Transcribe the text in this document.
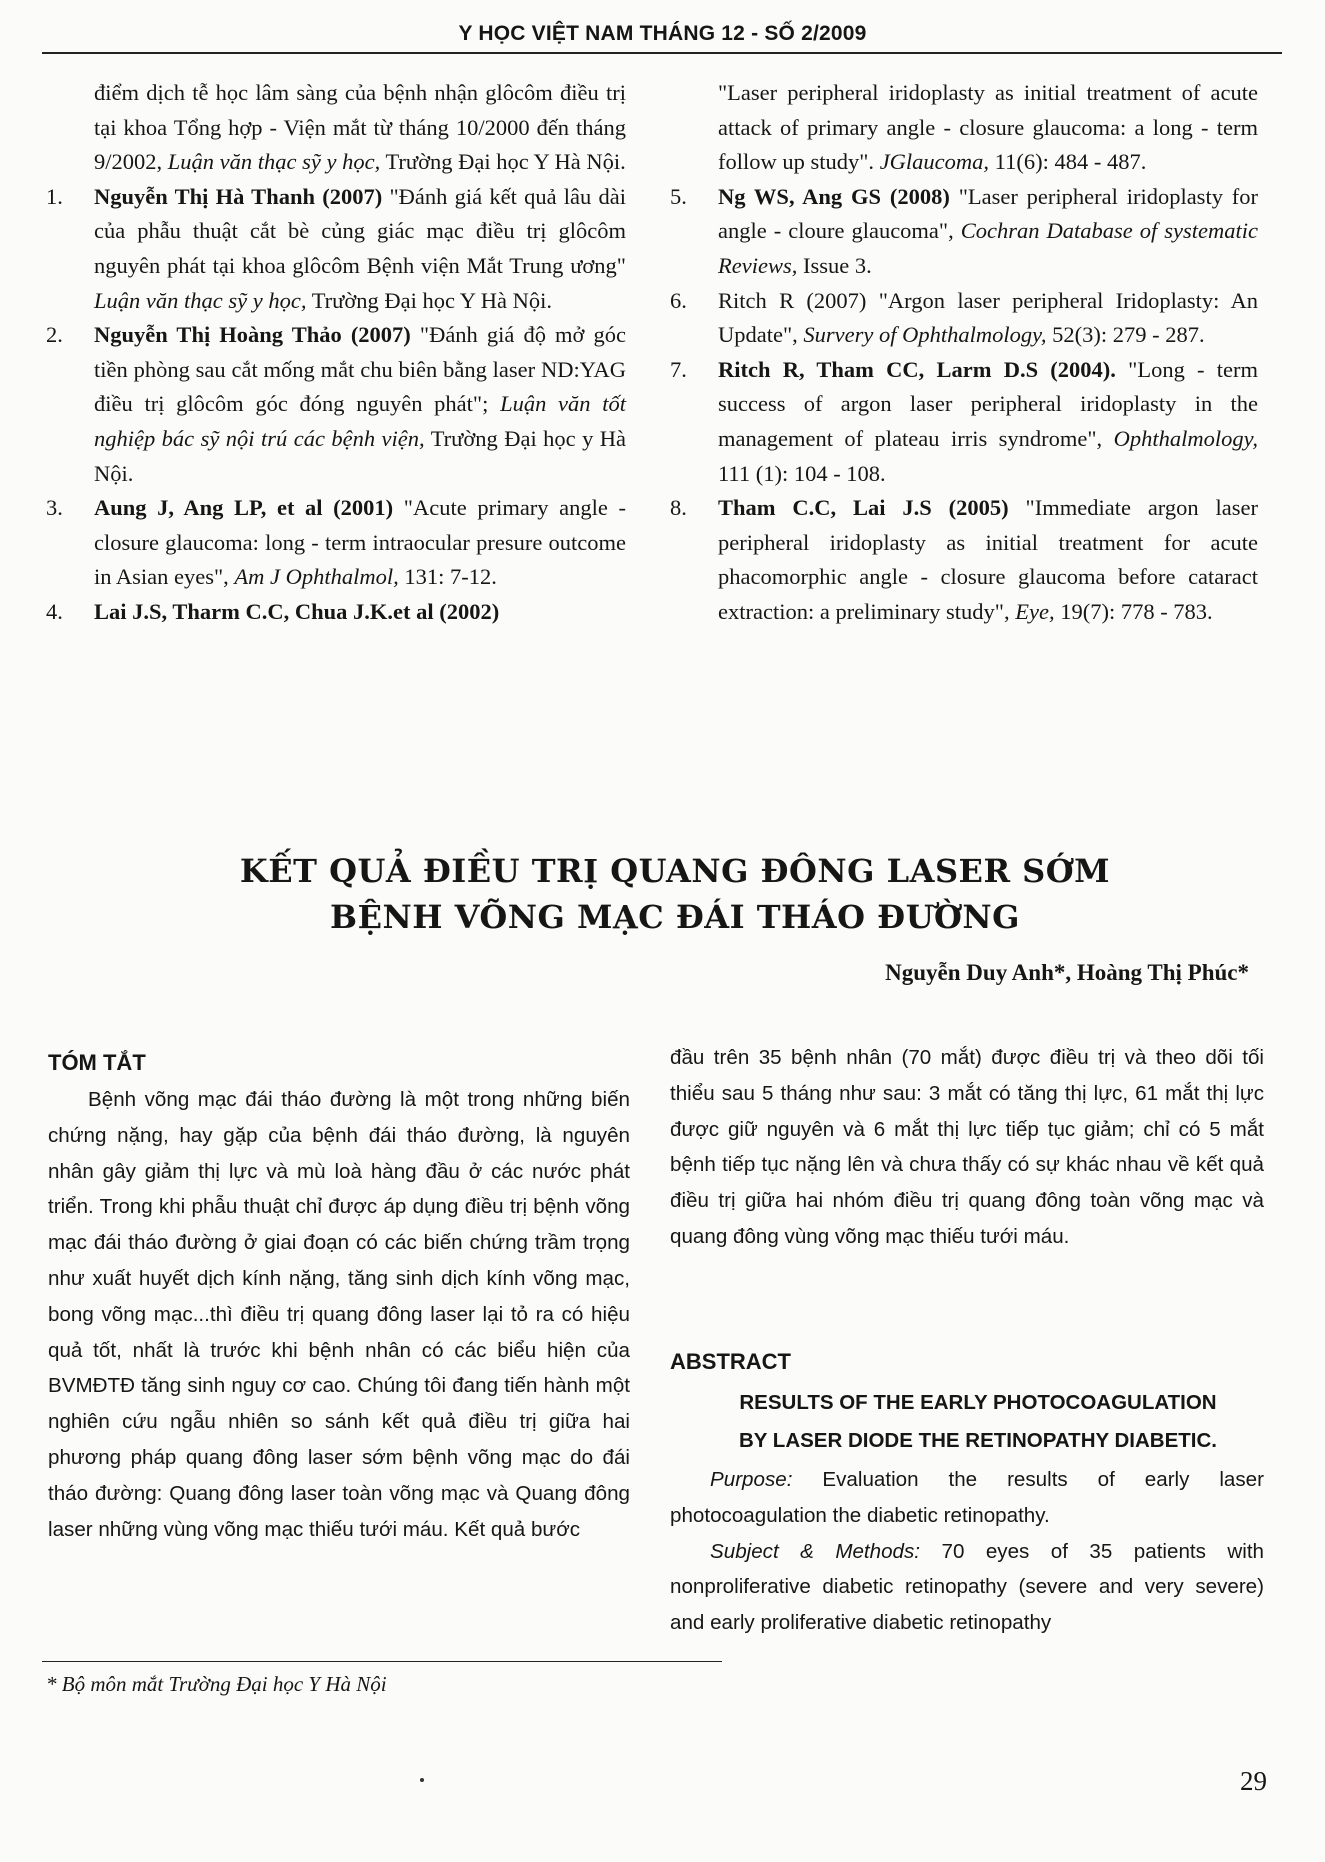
Y HỌC VIỆT NAM THÁNG 12 - SỐ 2/2009
điểm dịch tễ học lâm sàng của bệnh nhận glôcôm điều trị tại khoa Tổng hợp - Viện mắt từ tháng 10/2000 đến tháng 9/2002, Luận văn thạc sỹ y học, Trường Đại học Y Hà Nội.
1. Nguyễn Thị Hà Thanh (2007) "Đánh giá kết quả lâu dài của phẫu thuật cắt bè củng giác mạc điều trị glôcôm nguyên phát tại khoa glôcôm Bệnh viện Mắt Trung ương" Luận văn thạc sỹ y học, Trường Đại học Y Hà Nội.
2. Nguyễn Thị Hoàng Thảo (2007) "Đánh giá độ mở góc tiền phòng sau cắt mống mắt chu biên bằng laser ND:YAG điều trị glôcôm góc đóng nguyên phát"; Luận văn tốt nghiệp bác sỹ nội trú các bệnh viện, Trường Đại học y Hà Nội.
3. Aung J, Ang LP, et al (2001) "Acute primary angle - closure glaucoma: long - term intraocular presure outcome in Asian eyes", Am J Ophthalmol, 131: 7-12.
4. Lai J.S, Tharm C.C, Chua J.K.et al (2002)
"Laser peripheral iridoplasty as initial treatment of acute attack of primary angle - closure glaucoma: a long - term follow up study". JGlaucoma, 11(6): 484 - 487.
5. Ng WS, Ang GS (2008) "Laser peripheral iridoplasty for angle - cloure glaucoma", Cochran Database of systematic Reviews, Issue 3.
6. Ritch R (2007) "Argon laser peripheral Iridoplasty: An Update", Survery of Ophthalmology, 52(3): 279 - 287.
7. Ritch R, Tham CC, Larm D.S (2004). "Long - term success of argon laser peripheral iridoplasty in the management of plateau irris syndrome", Ophthalmology, 111 (1): 104 - 108.
8. Tham C.C, Lai J.S (2005) "Immediate argon laser peripheral iridoplasty as initial treatment for acute phacomorphic angle - closure glaucoma before cataract extraction: a preliminary study", Eye, 19(7): 778 - 783.
KẾT QUẢ ĐIỀU TRỊ QUANG ĐÔNG LASER SỚM
BỆNH VÕNG MẠC ĐÁI THÁO ĐƯỜNG
Nguyễn Duy Anh*, Hoàng Thị Phúc*
TÓM TẮT

Bệnh võng mạc đái tháo đường là một trong những biến chứng nặng, hay gặp của bệnh đái tháo đường, là nguyên nhân gây giảm thị lực và mù loà hàng đầu ở các nước phát triển. Trong khi phẫu thuật chỉ được áp dụng điều trị bệnh võng mạc đái tháo đường ở giai đoạn có các biến chứng trầm trọng như xuất huyết dịch kính nặng, tăng sinh dịch kính võng mạc, bong võng mạc...thì điều trị quang đông laser lại tỏ ra có hiệu quả tốt, nhất là trước khi bệnh nhân có các biểu hiện của BVMĐTĐ tăng sinh nguy cơ cao. Chúng tôi đang tiến hành một nghiên cứu ngẫu nhiên so sánh kết quả điều trị giữa hai phương pháp quang đông laser sớm bệnh võng mạc do đái tháo đường: Quang đông laser toàn võng mạc và Quang đông laser những vùng võng mạc thiếu tưới máu. Kết quả bước

đầu trên 35 bệnh nhân (70 mắt) được điều trị và theo dõi tối thiểu sau 5 tháng như sau: 3 mắt có tăng thị lực, 61 mắt thị lực được giữ nguyên và 6 mắt thị lực tiếp tục giảm; chỉ có 5 mắt bệnh tiếp tục nặng lên và chưa thấy có sự khác nhau về kết quả điều trị giữa hai nhóm điều trị quang đông toàn võng mạc và quang đông vùng võng mạc thiếu tưới máu.

ABSTRACT
RESULTS OF THE EARLY PHOTOCOAGULATION
BY LASER DIODE THE RETINOPATHY DIABETIC.

Purpose: Evaluation the results of early laser photocoagulation the diabetic retinopathy.

Subject & Methods: 70 eyes of 35 patients with nonproliferative diabetic retinopathy (severe and very severe) and early proliferative diabetic retinopathy

* Bộ môn mắt Trường Đại học Y Hà Nội
29
